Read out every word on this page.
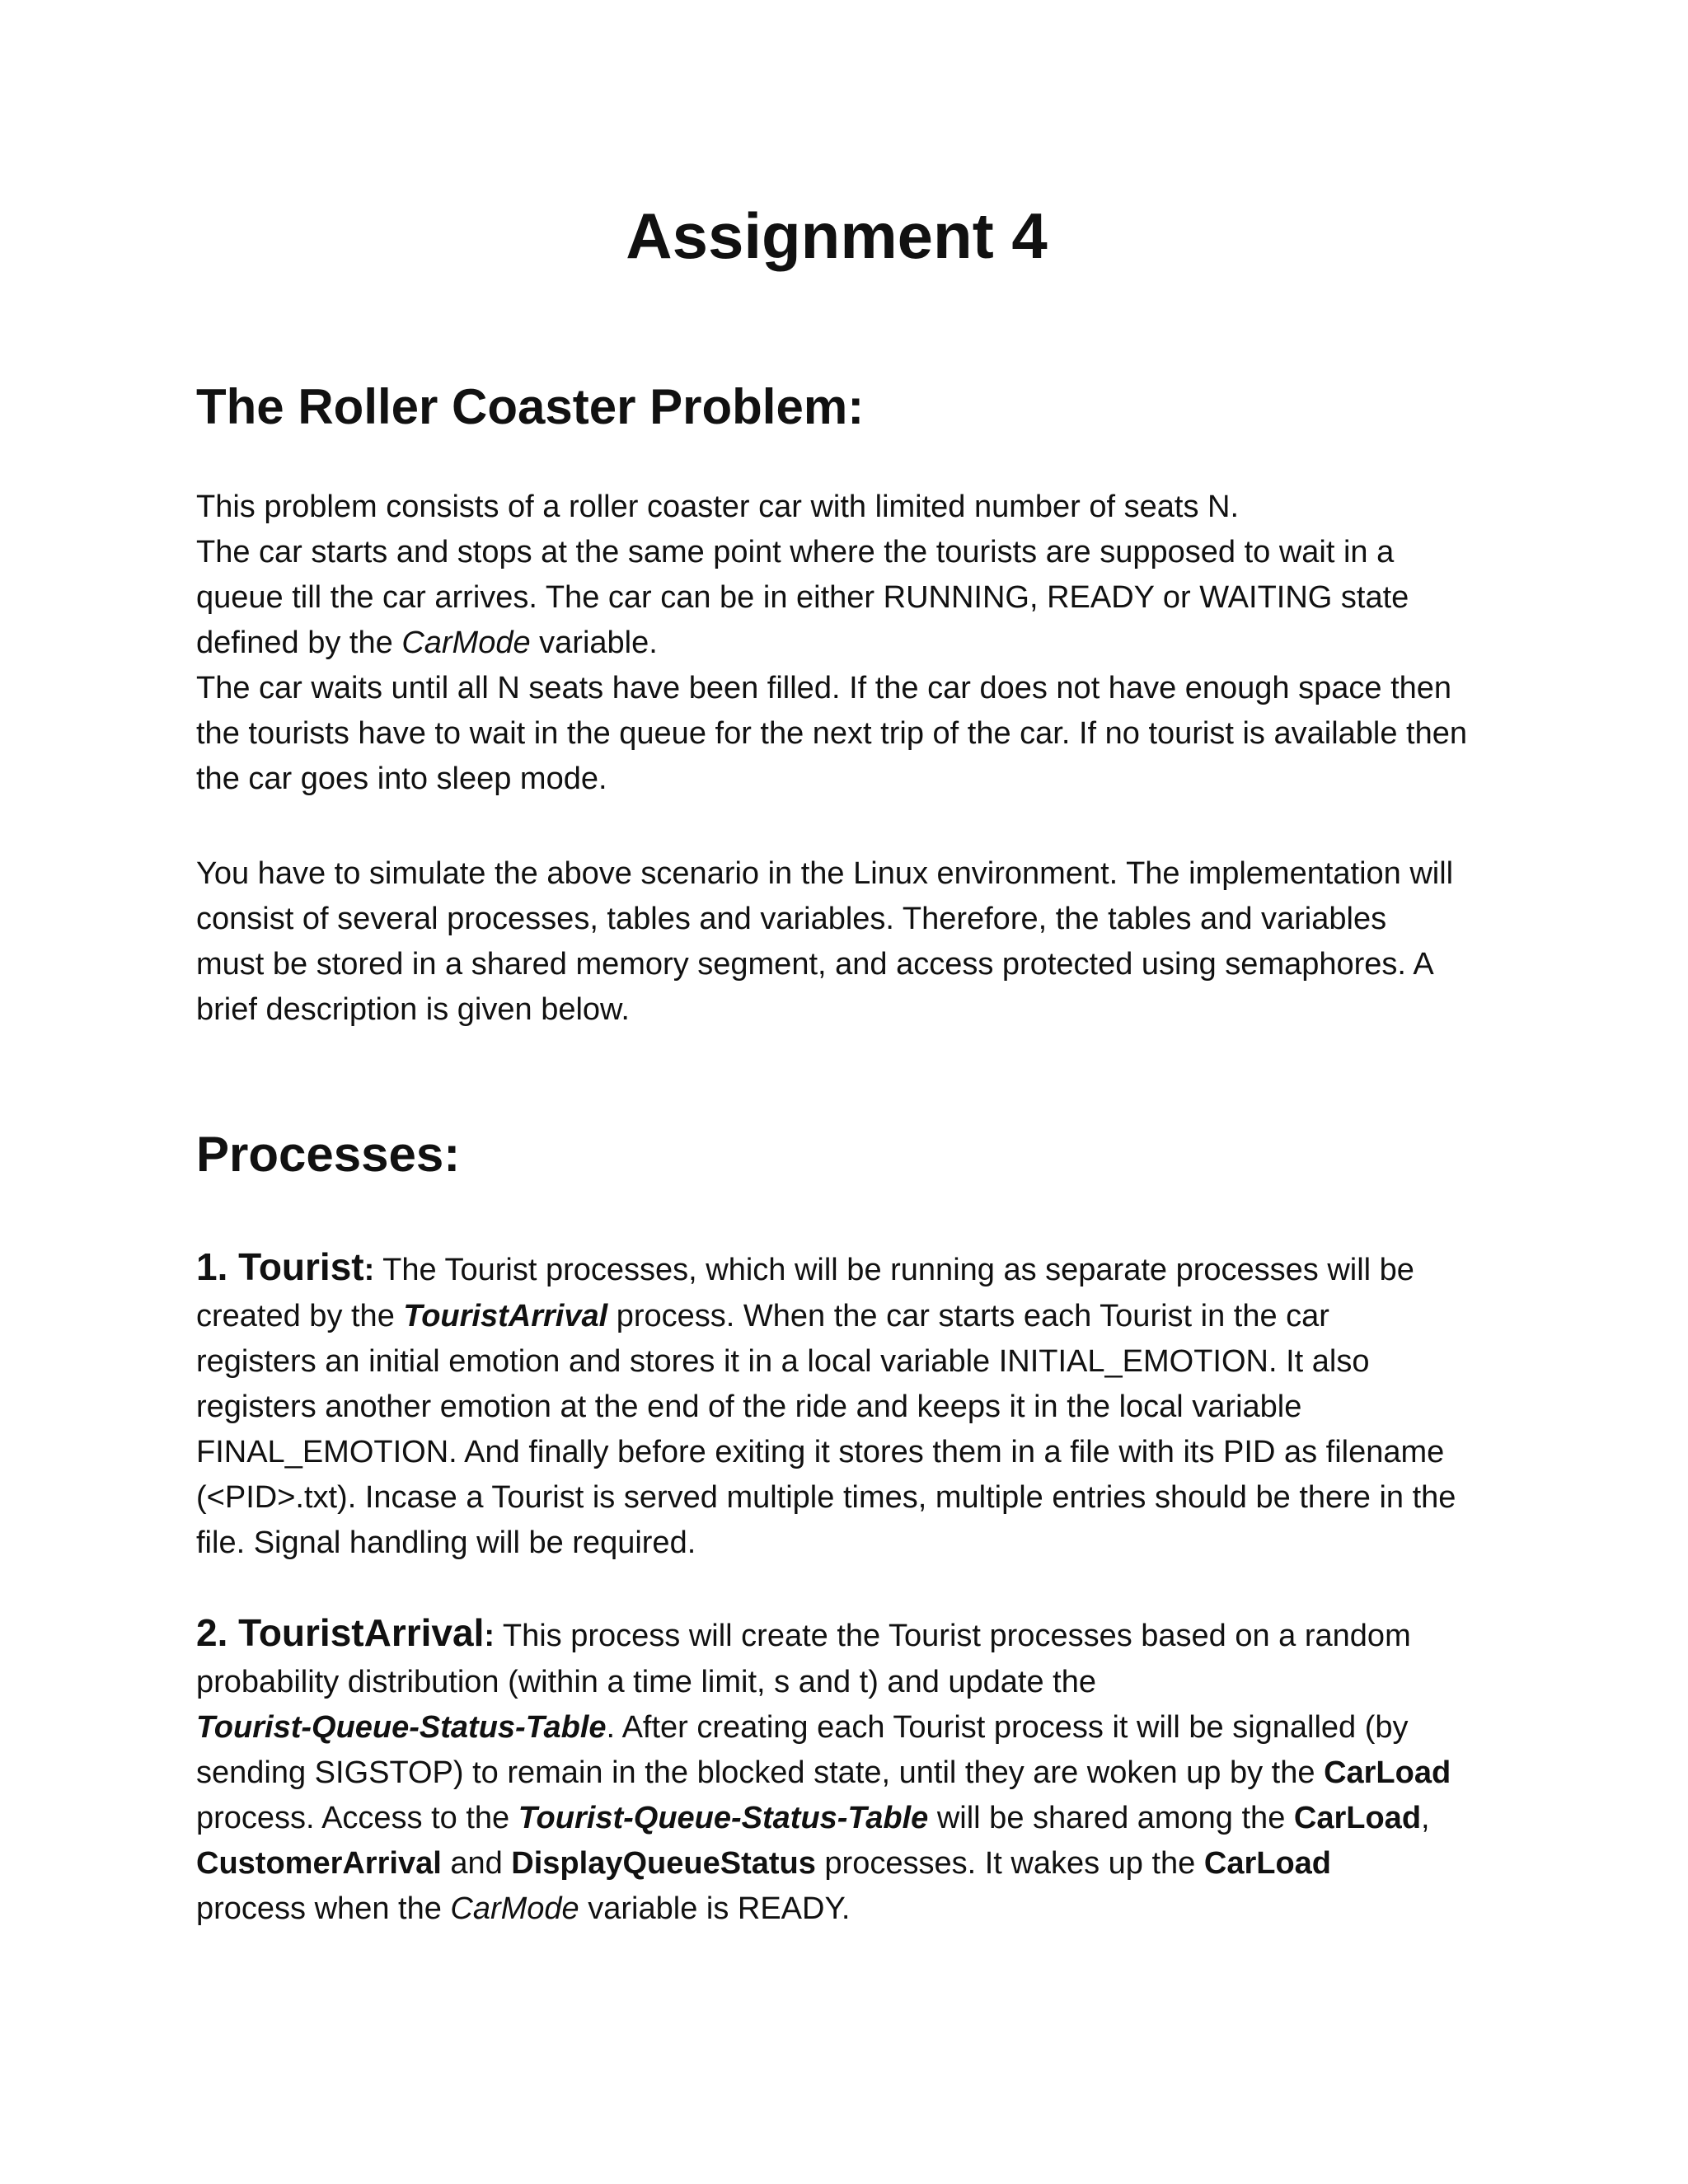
Assignment 4
The Roller Coaster Problem:
This problem consists of a roller coaster car with limited number of seats N.
The car starts and stops at the same point where the tourists are supposed to wait in a
queue till the car arrives. The car can be in either RUNNING, READY or WAITING state
defined by the CarMode variable.
The car waits until all N seats have been filled. If the car does not have enough space then
the tourists have to wait in the queue for the next trip of the car. If no tourist is available then
the car goes into sleep mode.
You have to simulate the above scenario in the Linux environment. The implementation will
consist of several processes, tables and variables. Therefore, the tables and variables
must be stored in a shared memory segment, and access protected using semaphores. A
brief description is given below.
Processes:
1. Tourist: The Tourist processes, which will be running as separate processes will be
created by the TouristArrival process. When the car starts each Tourist in the car
registers an initial emotion and stores it in a local variable INITIAL_EMOTION. It also
registers another emotion at the end of the ride and keeps it in the local variable
FINAL_EMOTION. And finally before exiting it stores them in a file with its PID as filename
(<PID>.txt). Incase a Tourist is served multiple times, multiple entries should be there in the
file. Signal handling will be required.
2. TouristArrival: This process will create the Tourist processes based on a random
probability distribution (within a time limit, s and t) and update the
Tourist-Queue-Status-Table. After creating each Tourist process it will be signalled (by
sending SIGSTOP) to remain in the blocked state, until they are woken up by the CarLoad
process. Access to the Tourist-Queue-Status-Table will be shared among the CarLoad,
CustomerArrival and DisplayQueueStatus processes. It wakes up the CarLoad
process when the CarMode variable is READY.
